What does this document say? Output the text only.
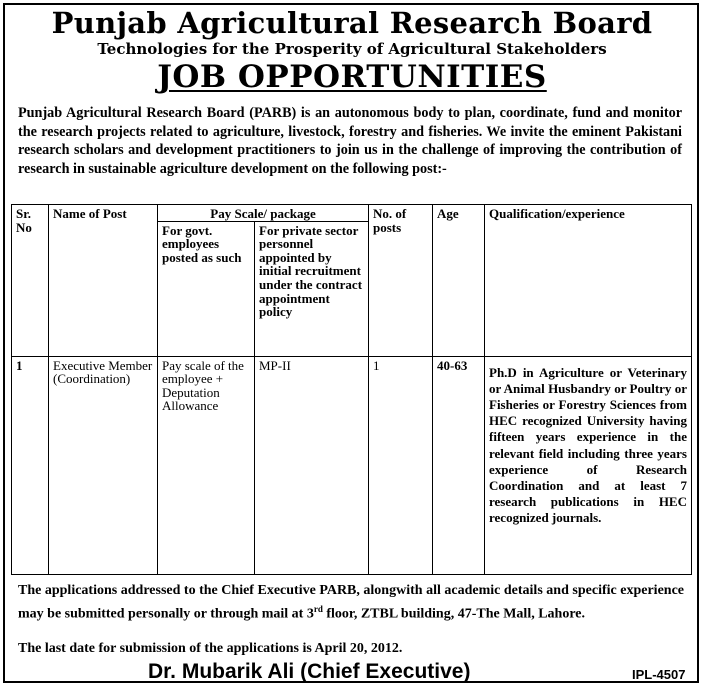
Punjab Agricultural Research Board
Technologies for the Prosperity of Agricultural Stakeholders
JOB OPPORTUNITIES
Punjab Agricultural Research Board (PARB) is an autonomous body to plan, coordinate, fund and monitor the research projects related to agriculture, livestock, forestry and fisheries. We invite the eminent Pakistani research scholars and development practitioners to join us in the challenge of improving the contribution of research in sustainable agriculture development on the following post:-
Sr. No	Name of Post	Pay Scale/ package		No. of posts	Age	Qualification/experience
		For govt. employees posted as such	For private sector personnel appointed by initial recruitment under the contract appointment policy			
1	Executive Member (Coordination)	Pay scale of the employee + Deputation Allowance	MP-II	1	40-63	Ph.D in Agriculture or Veterinary or Animal Husbandry or Poultry or Fisheries or Forestry Sciences from HEC recognized University having fifteen years experience in the relevant field including three years experience of Research Coordination and at least 7 research publications in HEC recognized journals.
The applications addressed to the Chief Executive PARB, alongwith all academic details and specific experience may be submitted personally or through mail at 3rd floor, ZTBL building, 47-The Mall, Lahore.
The last date for submission of the applications is April 20, 2012.
Dr. Mubarik Ali (Chief Executive)	IPL-4507
